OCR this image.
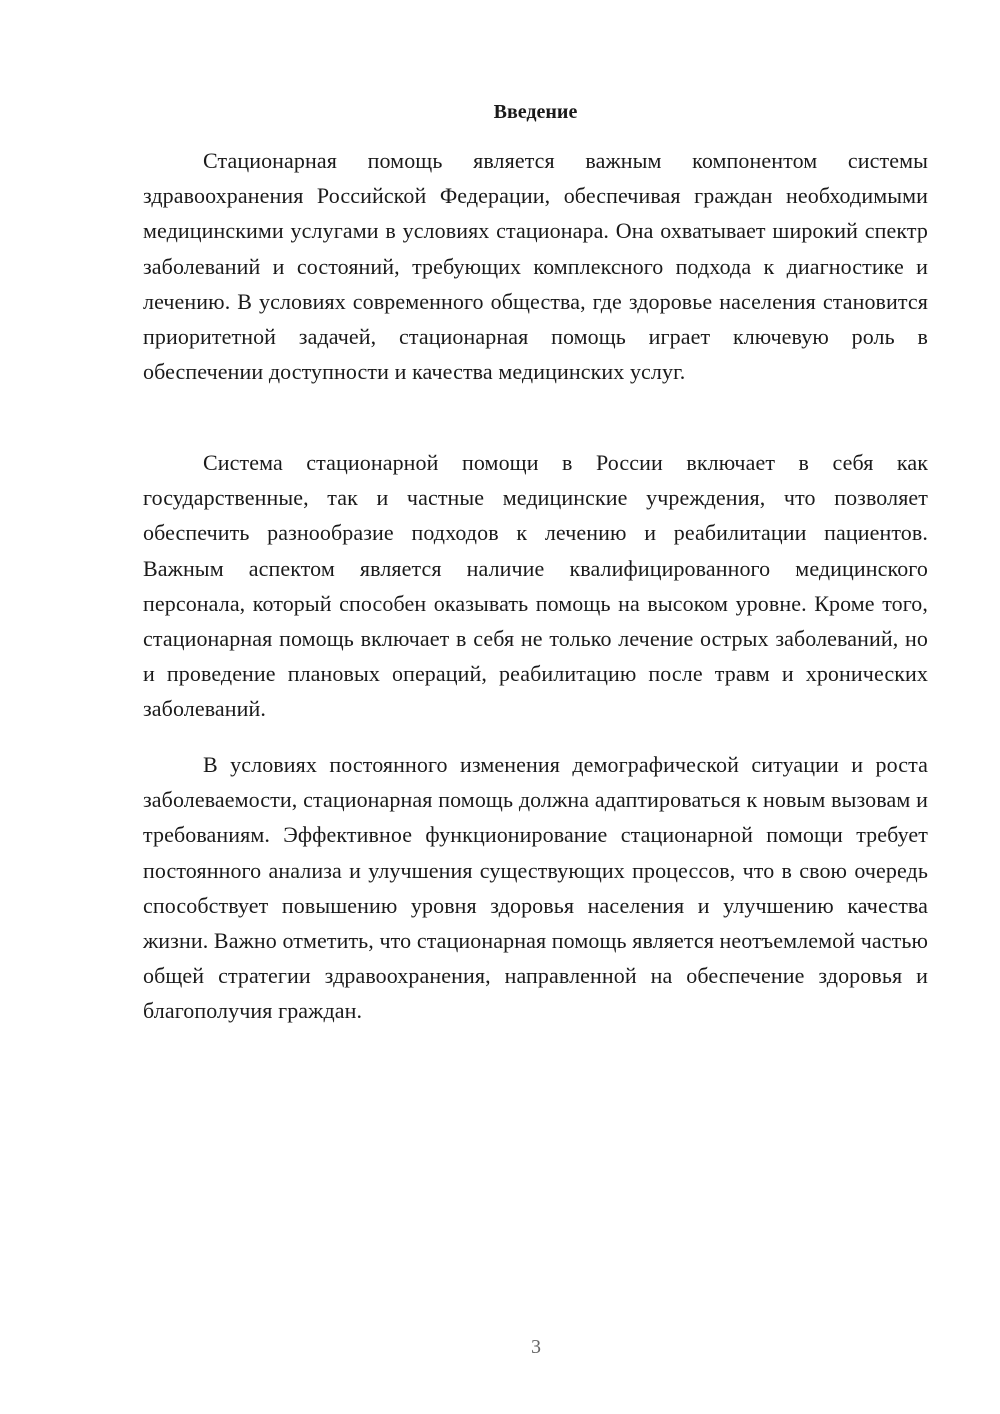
Введение

Стационарная помощь является важным компонентом системы здравоохранения Российской Федерации, обеспечивая граждан необходимыми медицинскими услугами в условиях стационара. Она охватывает широкий спектр заболеваний и состояний, требующих комплексного подхода к диагностике и лечению. В условиях современного общества, где здоровье населения становится приоритетной задачей, стационарная помощь играет ключевую роль в обеспечении доступности и качества медицинских услуг.

Система стационарной помощи в России включает в себя как государственные, так и частные медицинские учреждения, что позволяет обеспечить разнообразие подходов к лечению и реабилитации пациентов. Важным аспектом является наличие квалифицированного медицинского персонала, который способен оказывать помощь на высоком уровне. Кроме того, стационарная помощь включает в себя не только лечение острых заболеваний, но и проведение плановых операций, реабилитацию после травм и хронических заболеваний.

В условиях постоянного изменения демографической ситуации и роста заболеваемости, стационарная помощь должна адаптироваться к новым вызовам и требованиям. Эффективное функционирование стационарной помощи требует постоянного анализа и улучшения существующих процессов, что в свою очередь способствует повышению уровня здоровья населения и улучшению качества жизни. Важно отметить, что стационарная помощь является неотъемлемой частью общей стратегии здравоохранения, направленной на обеспечение здоровья и благополучия граждан.

3
